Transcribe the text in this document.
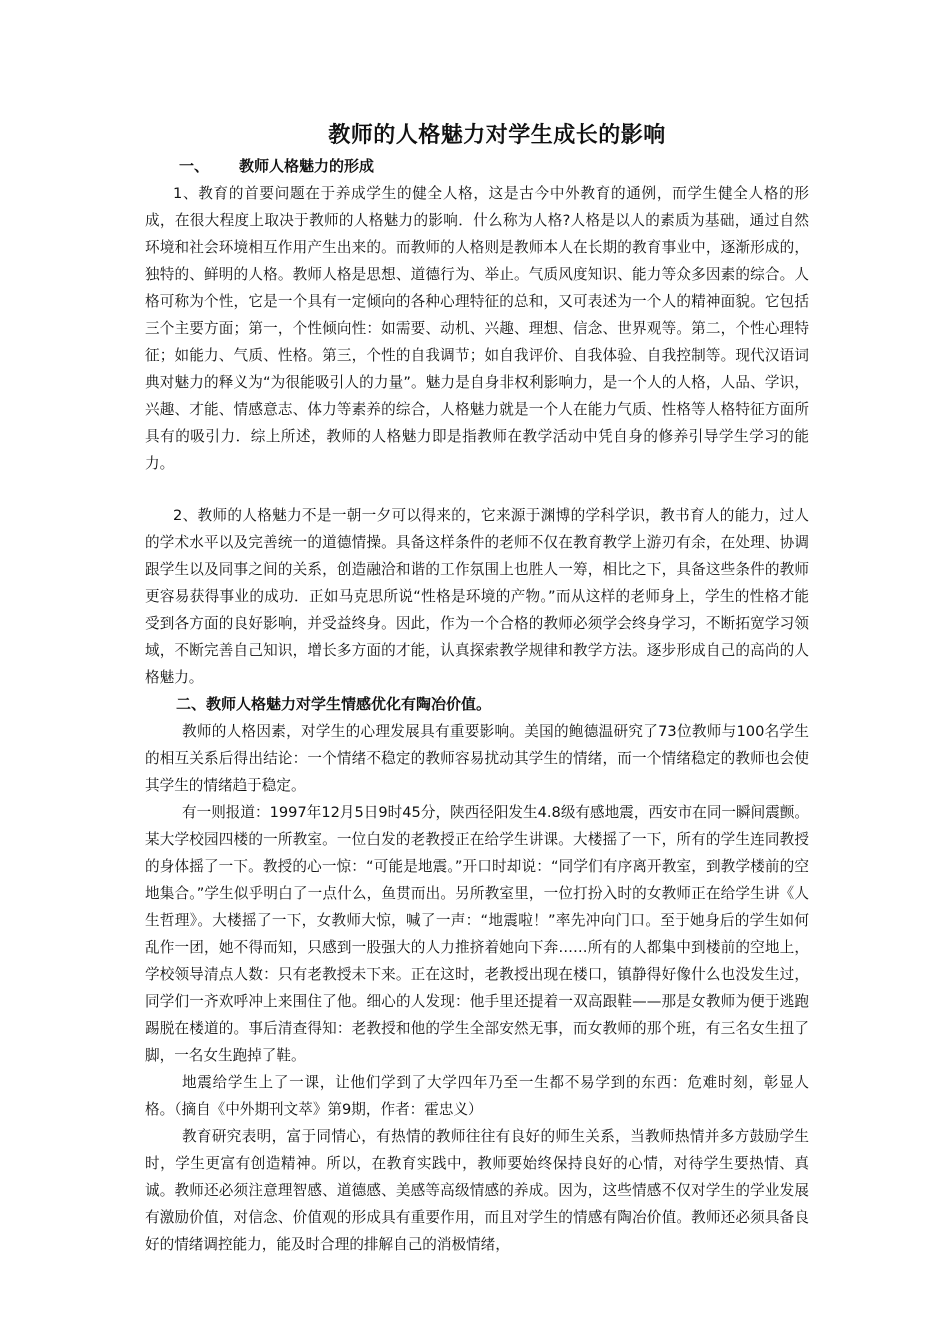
教师的人格魅力对学生成长的影响
一、 教师人格魅力的形成

1、教育的首要问题在于养成学生的健全人格，这是古今中外教育的通例，而学生健全人格的形成，在很大程度上取决于教师的人格魅力的影响．什么称为人格?人格是以人的素质为基础，通过自然环境和社会环境相互作用产生出来的。而教师的人格则是教师本人在长期的教育事业中，逐渐形成的，独特的、鲜明的人格。教师人格是思想、道德行为、举止。气质风度知识、能力等众多因素的综合。人格可称为个性，它是一个具有一定倾向的各种心理特征的总和，又可表述为一个人的精神面貌。它包括三个主要方面；第一，个性倾向性：如需要、动机、兴趣、理想、信念、世界观等。第二，个性心理特征；如能力、气质、性格。第三，个性的自我调节；如自我评价、自我体验、自我控制等。现代汉语词典对魅力的释义为“为很能吸引人的力量”。魅力是自身非权利影响力，是一个人的人格，人品、学识，兴趣、才能、情感意志、体力等素养的综合，人格魅力就是一个人在能力气质、性格等人格特征方面所具有的吸引力．综上所述，教师的人格魅力即是指教师在教学活动中凭自身的修养引导学生学习的能力。

2、教师的人格魅力不是一朝一夕可以得来的，它来源于渊博的学科学识，教书育人的能力，过人的学术水平以及完善统一的道德情操。具备这样条件的老师不仅在教育教学上游刃有余，在处理、协调跟学生以及同事之间的关系，创造融洽和谐的工作氛围上也胜人一筹，相比之下，具备这些条件的教师更容易获得事业的成功．正如马克思所说“性格是环境的产物。”而从这样的老师身上，学生的性格才能受到各方面的良好影响，并受益终身。因此，作为一个合格的教师必须学会终身学习，不断拓宽学习领域，不断完善自己知识，增长多方面的才能，认真探索教学规律和教学方法。逐步形成自己的高尚的人格魅力。

二、教师人格魅力对学生情感优化有陶冶价值。

教师的人格因素，对学生的心理发展具有重要影响。美国的鲍德温研究了73位教师与100名学生的相互关系后得出结论：一个情绪不稳定的教师容易扰动其学生的情绪，而一个情绪稳定的教师也会使其学生的情绪趋于稳定。

有一则报道：1997年12月5日9时45分，陕西径阳发生4.8级有感地震，西安市在同一瞬间震颤。某大学校园四楼的一所教室。一位白发的老教授正在给学生讲课。大楼摇了一下，所有的学生连同教授的身体摇了一下。教授的心一惊：“可能是地震。”开口时却说：“同学们有序离开教室，到教学楼前的空地集合。”学生似乎明白了一点什么，鱼贯而出。另所教室里，一位打扮入时的女教师正在给学生讲《人生哲理》。大楼摇了一下，女教师大惊，喊了一声：“地震啦！”率先冲向门口。至于她身后的学生如何乱作一团，她不得而知，只感到一股强大的人力推挤着她向下奔……所有的人都集中到楼前的空地上，学校领导清点人数：只有老教授未下来。正在这时，老教授出现在楼口，镇静得好像什么也没发生过，同学们一齐欢呼冲上来围住了他。细心的人发现：他手里还提着一双高跟鞋——那是女教师为便于逃跑踢脱在楼道的。事后清查得知：老教授和他的学生全部安然无事，而女教师的那个班，有三名女生扭了脚，一名女生跑掉了鞋。

地震给学生上了一课，让他们学到了大学四年乃至一生都不易学到的东西：危难时刻，彰显人格。（摘自《中外期刊文萃》第9期，作者：霍忠义）

教育研究表明，富于同情心，有热情的教师往往有良好的师生关系，当教师热情并多方鼓励学生时，学生更富有创造精神。所以，在教育实践中，教师要始终保持良好的心情，对待学生要热情、真诚。教师还必须注意理智感、道德感、美感等高级情感的养成。因为，这些情感不仅对学生的学业发展有激励价值，对信念、价值观的形成具有重要作用，而且对学生的情感有陶冶价值。教师还必须具备良好的情绪调控能力，能及时合理的排解自己的消极情绪，
